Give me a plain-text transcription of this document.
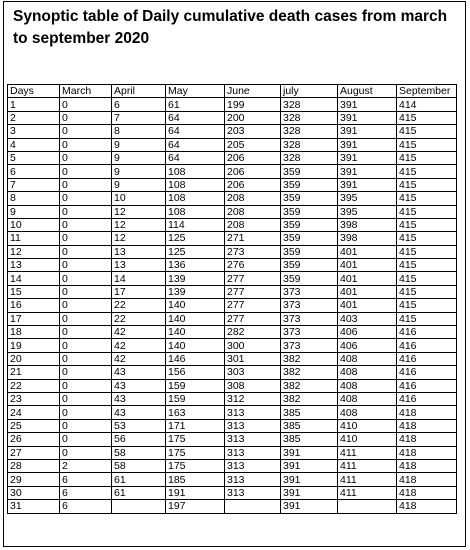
Synoptic table of Daily cumulative death cases from march to september 2020
Days	March	April	May	June	july	August	September
1	0	6	61	199	328	391	414
2	0	7	64	200	328	391	415
3	0	8	64	203	328	391	415
4	0	9	64	205	328	391	415
5	0	9	64	206	328	391	415
6	0	9	108	206	359	391	415
7	0	9	108	206	359	391	415
8	0	10	108	208	359	395	415
9	0	12	108	208	359	395	415
10	0	12	114	208	359	398	415
11	0	12	125	271	359	398	415
12	0	13	125	273	359	401	415
13	0	13	136	276	359	401	415
14	0	14	139	277	359	401	415
15	0	17	139	277	373	401	415
16	0	22	140	277	373	401	415
17	0	22	140	277	373	403	415
18	0	42	140	282	373	406	416
19	0	42	140	300	373	406	416
20	0	42	146	301	382	408	416
21	0	43	156	303	382	408	416
22	0	43	159	308	382	408	416
23	0	43	159	312	382	408	416
24	0	43	163	313	385	408	418
25	0	53	171	313	385	410	418
26	0	56	175	313	385	410	418
27	0	58	175	313	391	411	418
28	2	58	175	313	391	411	418
29	6	61	185	313	391	411	418
30	6	61	191	313	391	411	418
31	6		197		391		418
